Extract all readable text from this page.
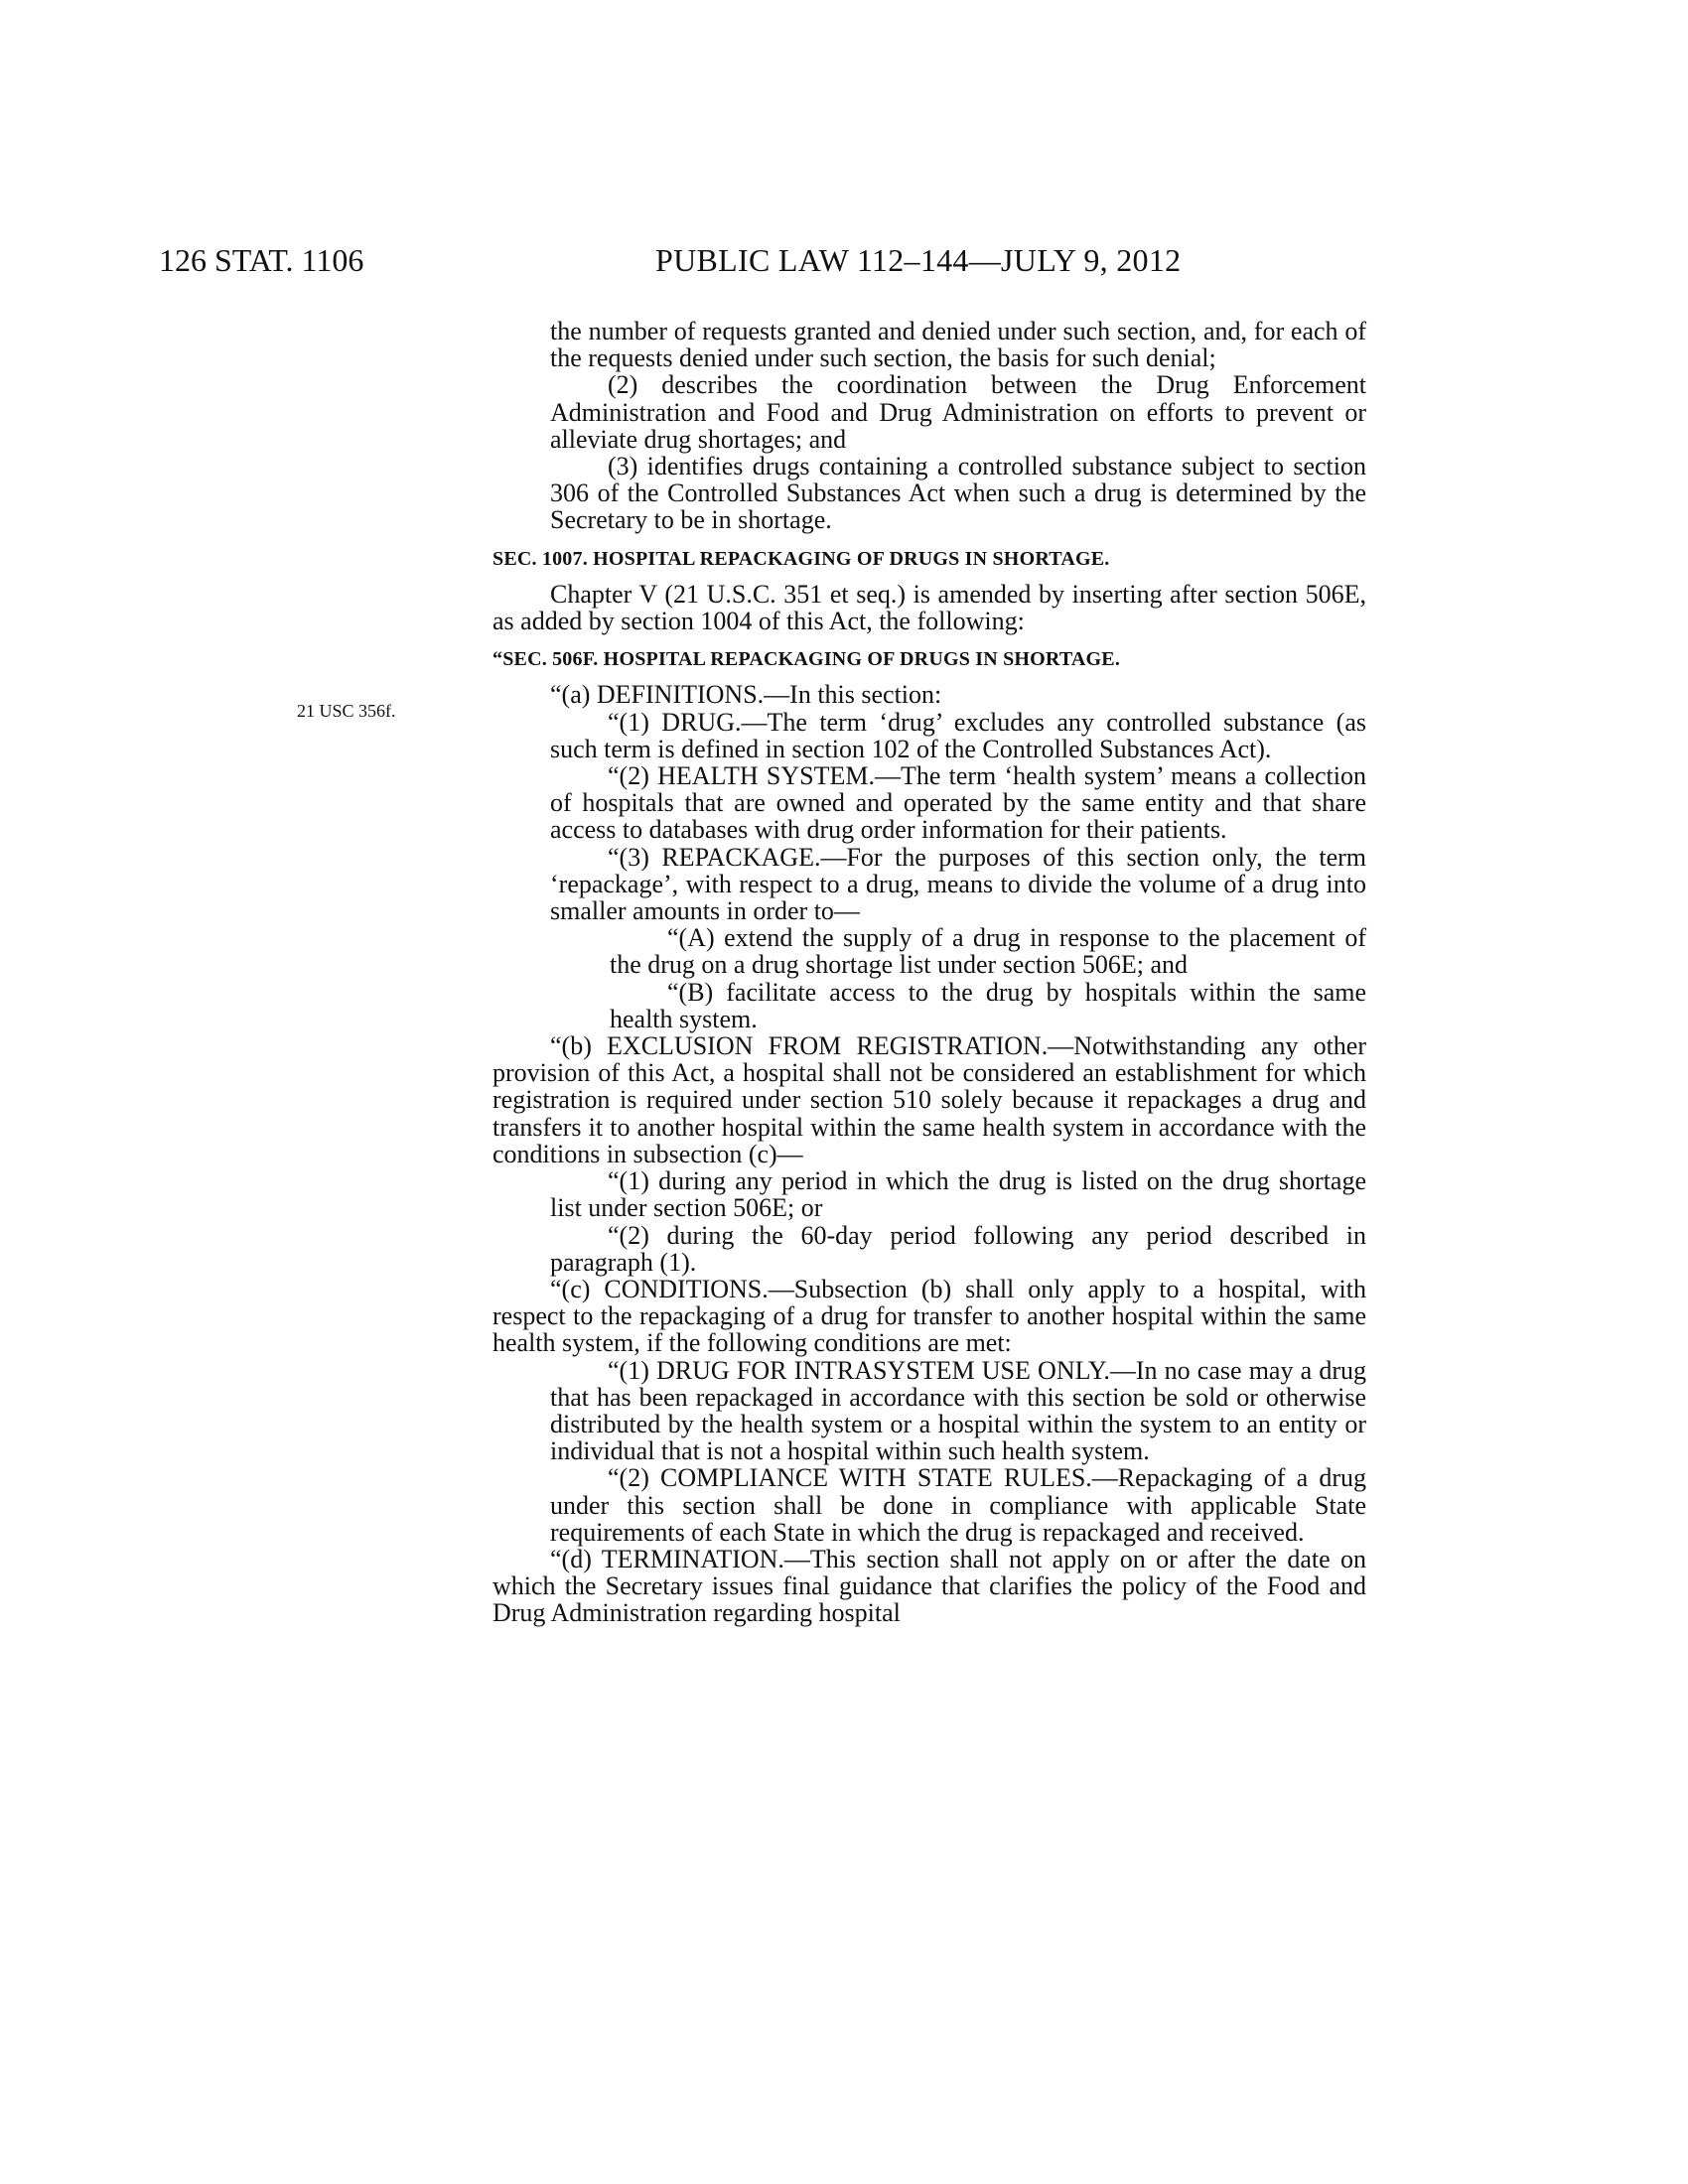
126 STAT. 1106	PUBLIC LAW 112–144—JULY 9, 2012
21 USC 356f.

the number of requests granted and denied under such section, and, for each of the requests denied under such section, the basis for such denial;

(2) describes the coordination between the Drug Enforcement Administration and Food and Drug Administration on efforts to prevent or alleviate drug shortages; and

(3) identifies drugs containing a controlled substance subject to section 306 of the Controlled Substances Act when such a drug is determined by the Secretary to be in shortage.

SEC. 1007. HOSPITAL REPACKAGING OF DRUGS IN SHORTAGE.

Chapter V (21 U.S.C. 351 et seq.) is amended by inserting after section 506E, as added by section 1004 of this Act, the following:

“SEC. 506F. HOSPITAL REPACKAGING OF DRUGS IN SHORTAGE.

“(a) DEFINITIONS.—In this section:

“(1) DRUG.—The term ‘drug’ excludes any controlled substance (as such term is defined in section 102 of the Controlled Substances Act).

“(2) HEALTH SYSTEM.—The term ‘health system’ means a collection of hospitals that are owned and operated by the same entity and that share access to databases with drug order information for their patients.

“(3) REPACKAGE.—For the purposes of this section only, the term ‘repackage’, with respect to a drug, means to divide the volume of a drug into smaller amounts in order to—

“(A) extend the supply of a drug in response to the placement of the drug on a drug shortage list under section 506E; and

“(B) facilitate access to the drug by hospitals within the same health system.

“(b) EXCLUSION FROM REGISTRATION.—Notwithstanding any other provision of this Act, a hospital shall not be considered an establishment for which registration is required under section 510 solely because it repackages a drug and transfers it to another hospital within the same health system in accordance with the conditions in subsection (c)—

“(1) during any period in which the drug is listed on the drug shortage list under section 506E; or

“(2) during the 60-day period following any period described in paragraph (1).

“(c) CONDITIONS.—Subsection (b) shall only apply to a hospital, with respect to the repackaging of a drug for transfer to another hospital within the same health system, if the following conditions are met:

“(1) DRUG FOR INTRASYSTEM USE ONLY.—In no case may a drug that has been repackaged in accordance with this section be sold or otherwise distributed by the health system or a hospital within the system to an entity or individual that is not a hospital within such health system.

“(2) COMPLIANCE WITH STATE RULES.—Repackaging of a drug under this section shall be done in compliance with applicable State requirements of each State in which the drug is repackaged and received.

“(d) TERMINATION.—This section shall not apply on or after the date on which the Secretary issues final guidance that clarifies the policy of the Food and Drug Administration regarding hospital
